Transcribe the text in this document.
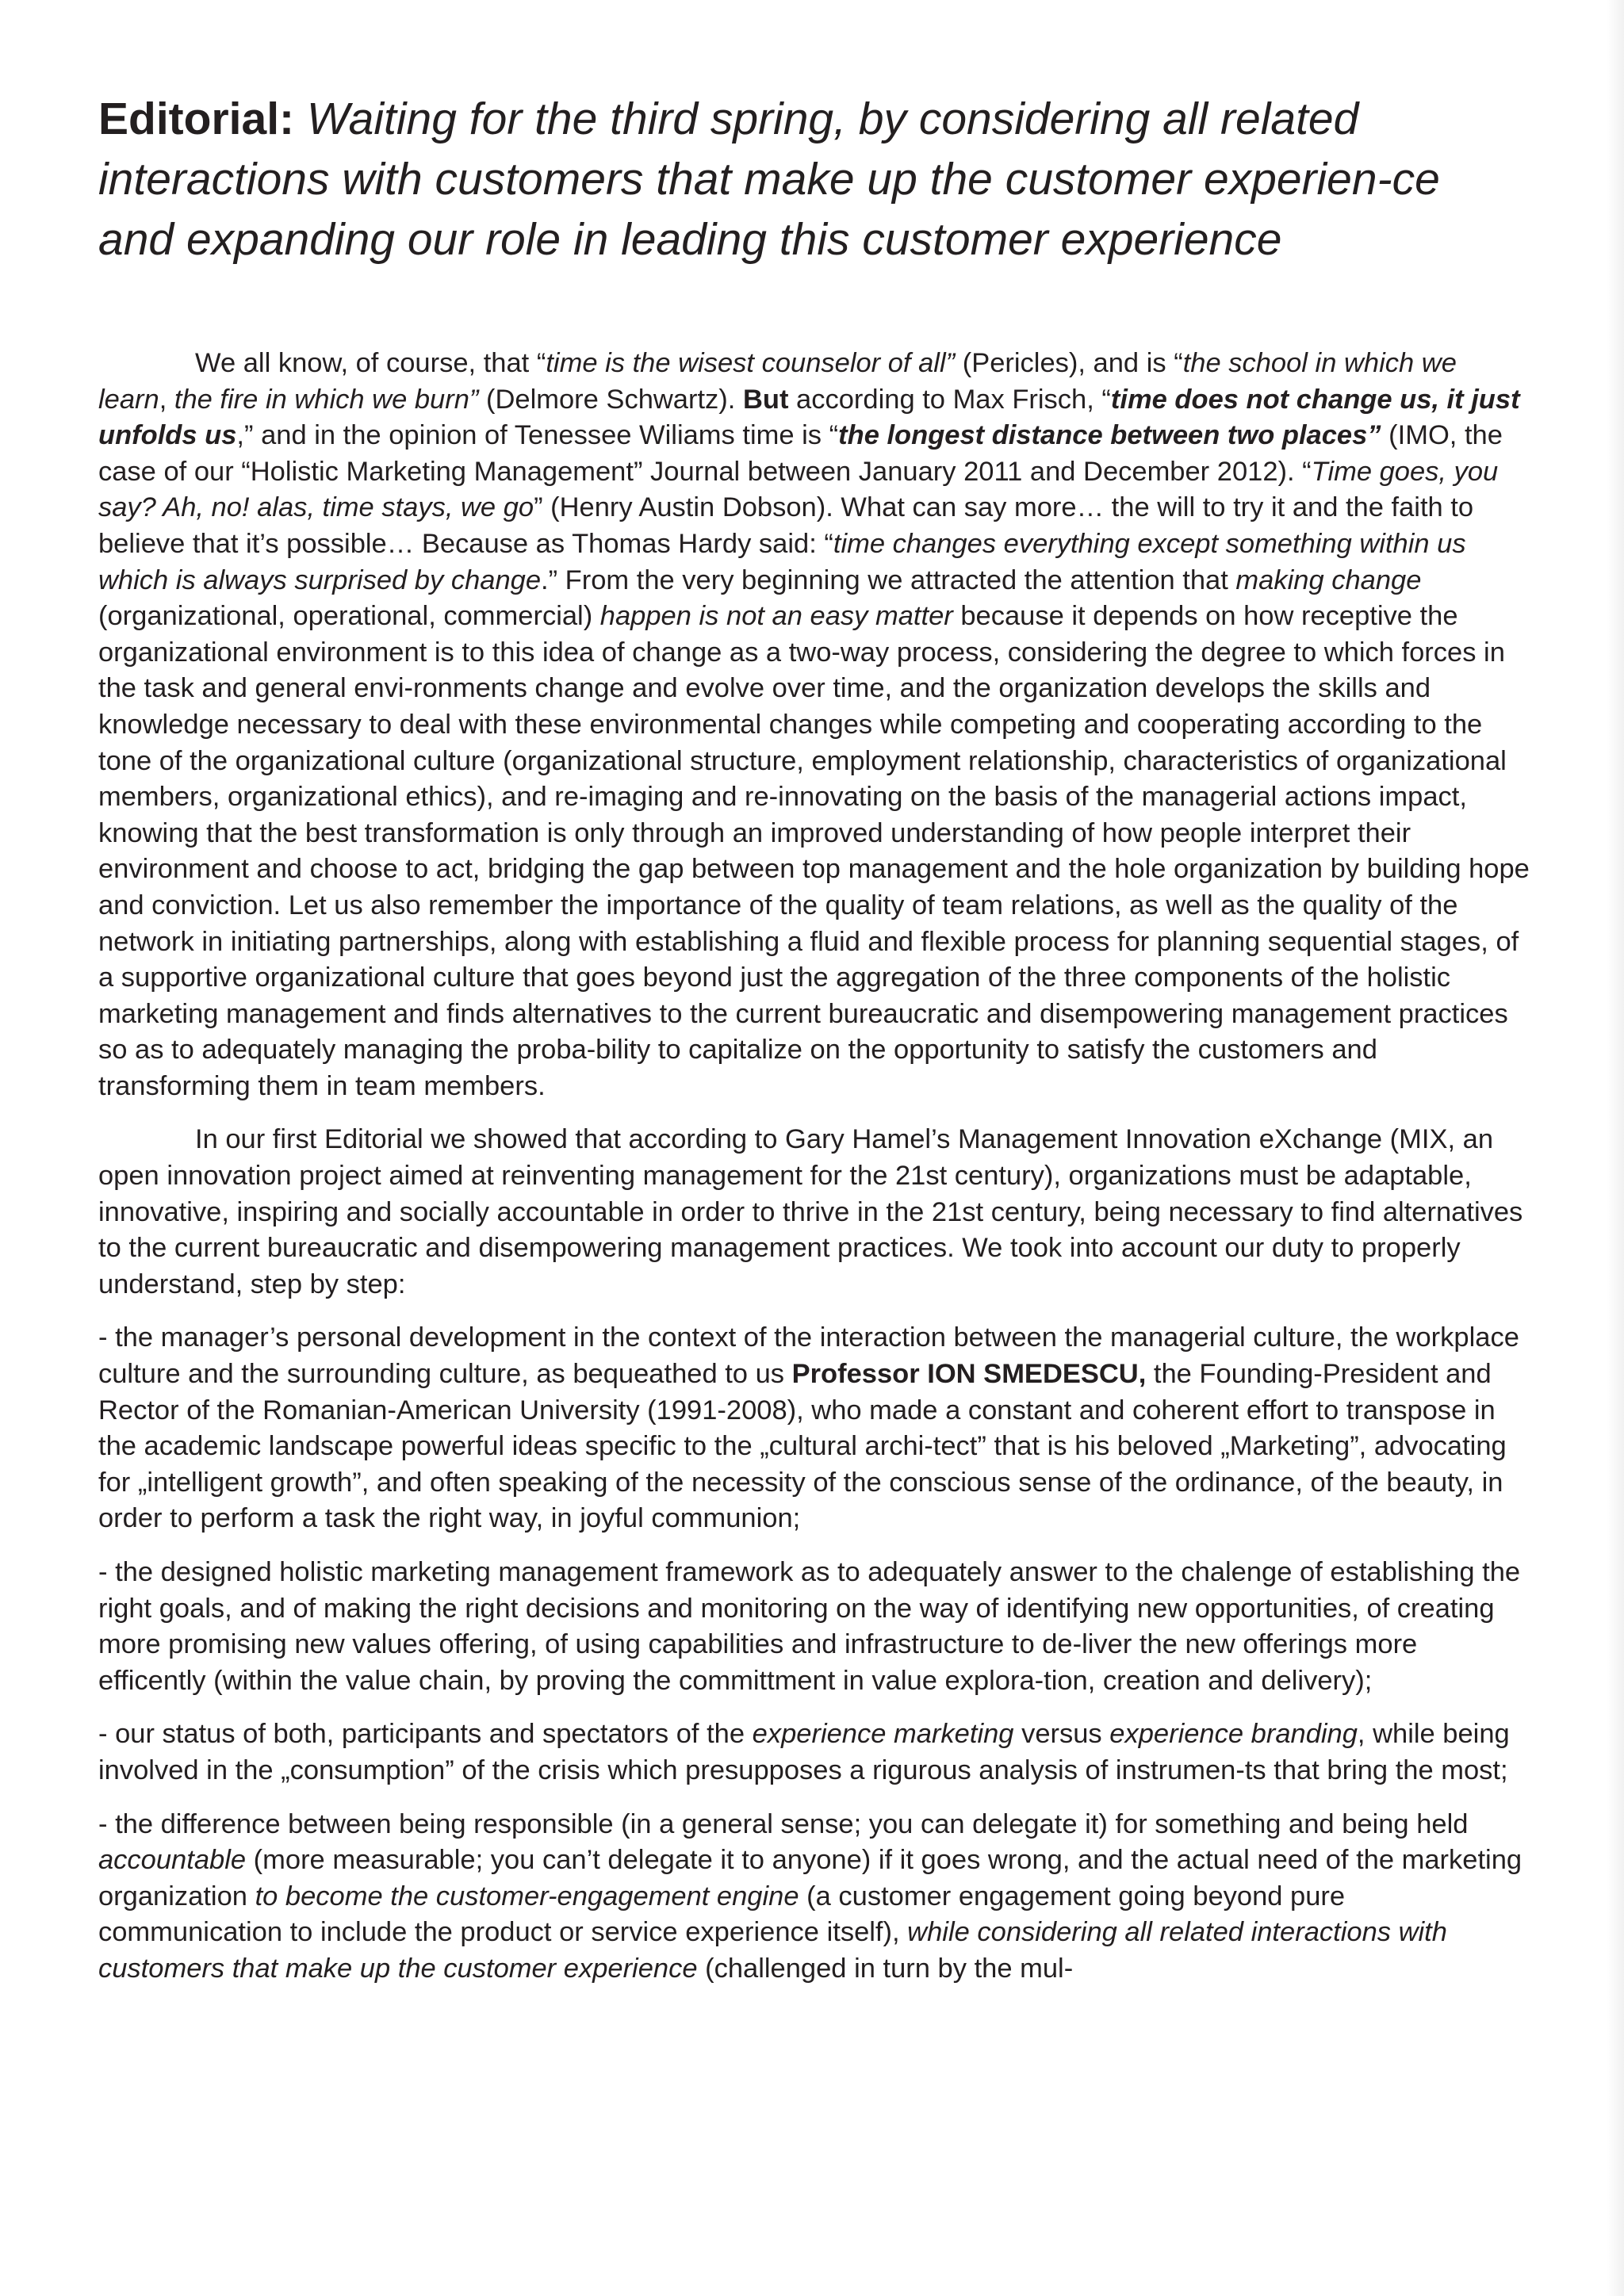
Editorial: Waiting for the third spring, by considering all related interactions with customers that make up the customer experien-ce and expanding our role in leading this customer experience

We all know, of course, that “time is the wisest counselor of all” (Pericles), and is “the school in which we learn, the fire in which we burn” (Delmore Schwartz). But according to Max Frisch, “time does not change us, it just unfolds us,” and in the opinion of Tenessee Wiliams time is “the longest distance between two places” (IMO, the case of our “Holistic Marketing Management” Journal between January 2011 and December 2012). “Time goes, you say? Ah, no! alas, time stays, we go” (Henry Austin Dobson). What can say more… the will to try it and the faith to believe that it’s possible… Because as Thomas Hardy said: “time changes everything except something within us which is always surprised by change.” From the very beginning we attracted the attention that making change (organizational, operational, commercial) happen is not an easy matter because it depends on how receptive the organizational environment is to this idea of change as a two-way process, considering the degree to which forces in the task and general envi-ronments change and evolve over time, and the organization develops the skills and knowledge necessary to deal with these environmental changes while competing and cooperating according to the tone of the organizational culture (organizational structure, employment relationship, characteristics of organizational members, organizational ethics), and re-imaging and re-innovating on the basis of the managerial actions impact, knowing that the best transformation is only through an improved understanding of how people interpret their environment and choose to act, bridging the gap between top management and the hole organization by building hope and conviction. Let us also remember the importance of the quality of team relations, as well as the quality of the network in initiating partnerships, along with establishing a fluid and flexible process for planning sequential stages, of a supportive organizational culture that goes beyond just the aggregation of the three components of the holistic marketing management and finds alternatives to the current bureaucratic and disempowering management practices so as to adequately managing the proba-bility to capitalize on the opportunity to satisfy the customers and transforming them in team members.

In our first Editorial we showed that according to Gary Hamel’s Management Innovation eXchange (MIX, an open innovation project aimed at reinventing management for the 21st century), organizations must be adaptable, innovative, inspiring and socially accountable in order to thrive in the 21st century, being necessary to find alternatives to the current bureaucratic and disempowering management practices. We took into account our duty to properly understand, step by step:

- the manager’s personal development in the context of the interaction between the managerial culture, the workplace culture and the surrounding culture, as bequeathed to us Professor ION SMEDESCU, the Founding-President and Rector of the Romanian-American University (1991-2008), who made a constant and coherent effort to transpose in the academic landscape powerful ideas specific to the „cultural archi-tect” that is his beloved „Marketing”, advocating for „intelligent growth”, and often speaking of the necessity of the conscious sense of the ordinance, of the beauty, in order to perform a task the right way, in joyful communion;

- the designed holistic marketing management framework as to adequately answer to the chalenge of establishing the right goals, and of making the right decisions and monitoring on the way of identifying new opportunities, of creating more promising new values offering, of using capabilities and infrastructure to de-liver the new offerings more efficently (within the value chain, by proving the committment in value explora-tion, creation and delivery);

- our status of both, participants and spectators of the experience marketing versus experience branding, while being involved in the „consumption” of the crisis which presupposes a rigurous analysis of instrumen-ts that bring the most;

- the difference between being responsible (in a general sense; you can delegate it) for something and being held accountable (more measurable; you can’t delegate it to anyone) if it goes wrong, and the actual need of the marketing organization to become the customer-engagement engine (a customer engagement going beyond pure communication to include the product or service experience itself), while considering all related interactions with customers that make up the customer experience (challenged in turn by the mul-
